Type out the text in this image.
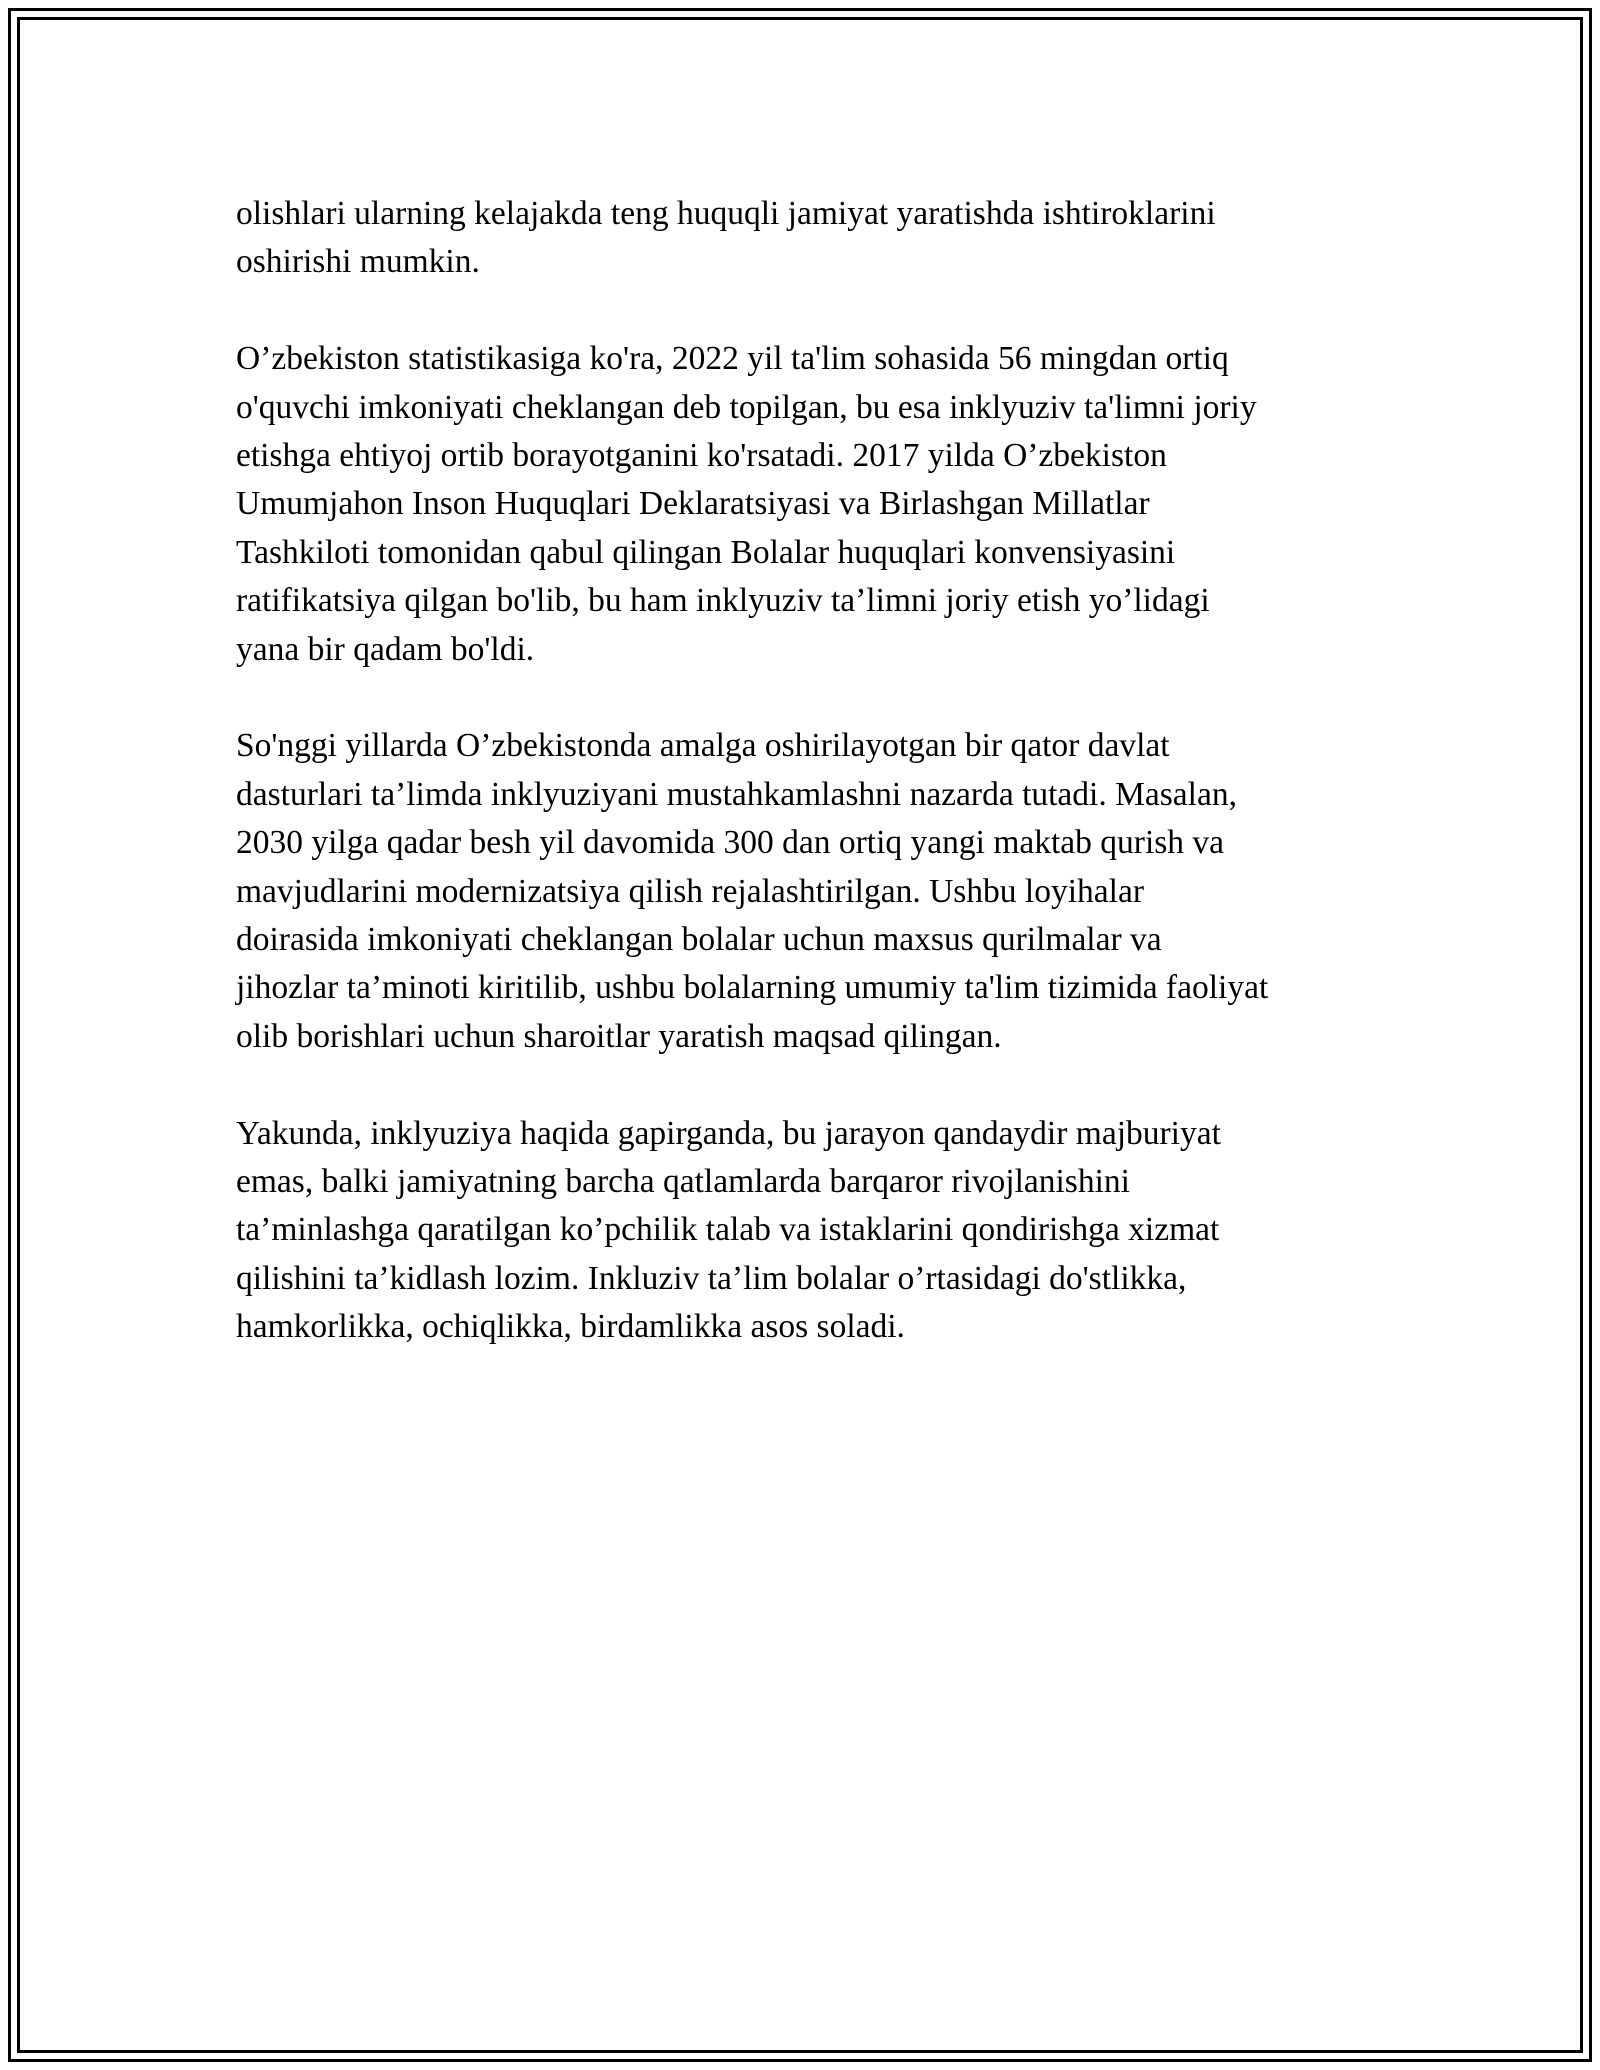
olishlari ularning kelajakda teng huquqli jamiyat yaratishda ishtiroklarini
oshirishi mumkin.

O’zbekiston statistikasiga ko'ra, 2022 yil ta'lim sohasida 56 mingdan ortiq
o'quvchi imkoniyati cheklangan deb topilgan, bu esa inklyuziv ta'limni joriy
etishga ehtiyoj ortib borayotganini ko'rsatadi. 2017 yilda O’zbekiston
Umumjahon Inson Huquqlari Deklaratsiyasi va Birlashgan Millatlar
Tashkiloti tomonidan qabul qilingan Bolalar huquqlari konvensiyasini
ratifikatsiya qilgan bo'lib, bu ham inklyuziv ta’limni joriy etish yo’lidagi
yana bir qadam bo'ldi.

So'nggi yillarda O’zbekistonda amalga oshirilayotgan bir qator davlat
dasturlari ta’limda inklyuziyani mustahkamlashni nazarda tutadi. Masalan,
2030 yilga qadar besh yil davomida 300 dan ortiq yangi maktab qurish va
mavjudlarini modernizatsiya qilish rejalashtirilgan. Ushbu loyihalar
doirasida imkoniyati cheklangan bolalar uchun maxsus qurilmalar va
jihozlar ta’minoti kiritilib, ushbu bolalarning umumiy ta'lim tizimida faoliyat
olib borishlari uchun sharoitlar yaratish maqsad qilingan.

Yakunda, inklyuziya haqida gapirganda, bu jarayon qandaydir majburiyat
emas, balki jamiyatning barcha qatlamlarda barqaror rivojlanishini
ta’minlashga qaratilgan ko’pchilik talab va istaklarini qondirishga xizmat
qilishini ta’kidlash lozim. Inkluziv ta’lim bolalar o’rtasidagi do'stlikka,
hamkorlikka, ochiqlikka, birdamlikka asos soladi.
